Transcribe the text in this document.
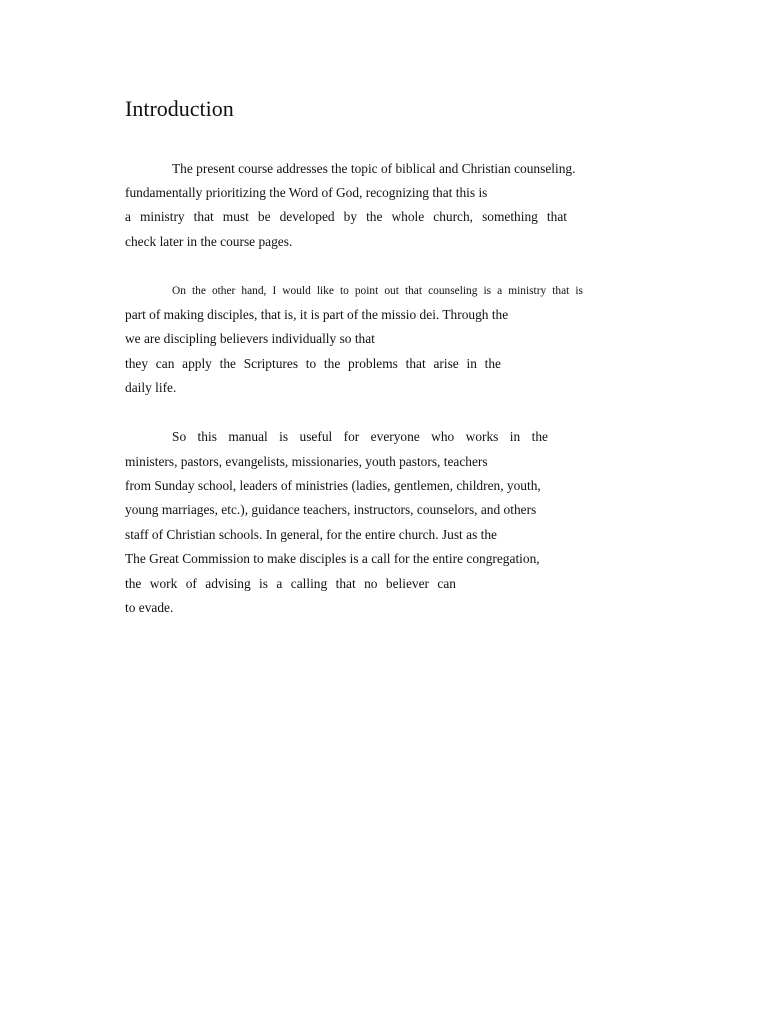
Introduction
The present course addresses the topic of biblical and Christian counseling.
fundamentally prioritizing the Word of God, recognizing that this is
a ministry that must be developed by the whole church, something that
check later in the course pages.
On the other hand, I would like to point out that counseling is a ministry that is
part of making disciples, that is, it is part of the missio dei. Through the
we are discipling believers individually so that
they can apply the Scriptures to the problems that arise in the
daily life.
So this manual is useful for everyone who works in the
ministers, pastors, evangelists, missionaries, youth pastors, teachers
from Sunday school, leaders of ministries (ladies, gentlemen, children, youth,
young marriages, etc.), guidance teachers, instructors, counselors, and others
staff of Christian schools. In general, for the entire church. Just as the
The Great Commission to make disciples is a call for the entire congregation,
the work of advising is a calling that no believer can
to evade.
